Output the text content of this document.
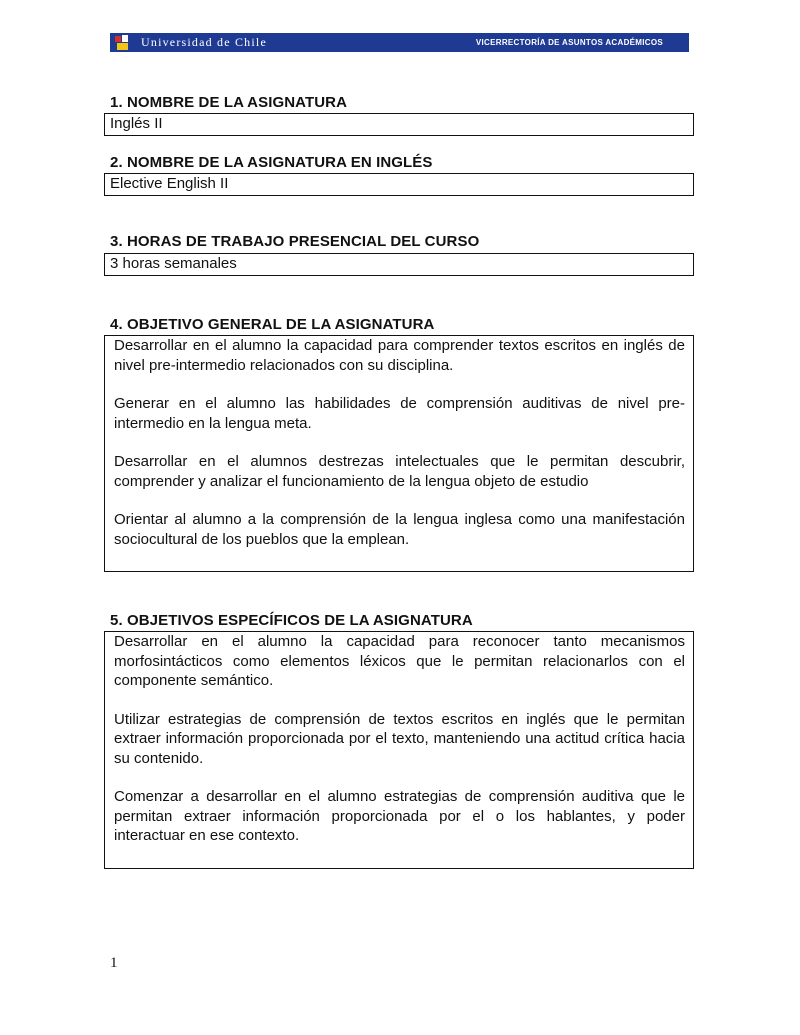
Universidad de Chile	VICERRECTORÍA DE ASUNTOS ACADÉMICOS
1. NOMBRE DE LA ASIGNATURA
Inglés II
2. NOMBRE DE LA ASIGNATURA EN INGLÉS
Elective English II
3. HORAS DE TRABAJO PRESENCIAL DEL CURSO
3 horas semanales
4. OBJETIVO GENERAL DE LA ASIGNATURA

Desarrollar en el alumno la capacidad para comprender textos escritos en inglés de nivel pre-intermedio relacionados con su disciplina.

Generar en el alumno las habilidades de comprensión auditivas de nivel pre-intermedio en la lengua meta.

Desarrollar en el alumnos destrezas intelectuales que le permitan descubrir, comprender y analizar el funcionamiento de la lengua objeto de estudio

Orientar al alumno a la comprensión de la lengua inglesa como una manifestación sociocultural de los pueblos que la emplean.

5. OBJETIVOS ESPECÍFICOS DE LA ASIGNATURA

Desarrollar en el alumno la capacidad para reconocer tanto mecanismos morfosintácticos como elementos léxicos que le permitan relacionarlos con el componente semántico.

Utilizar estrategias de comprensión de textos escritos en inglés que le permitan extraer información proporcionada por el texto, manteniendo una actitud crítica hacia su contenido.

Comenzar a desarrollar en el alumno estrategias de comprensión auditiva que le permitan extraer información proporcionada por el o los hablantes, y poder interactuar en ese contexto.

1
